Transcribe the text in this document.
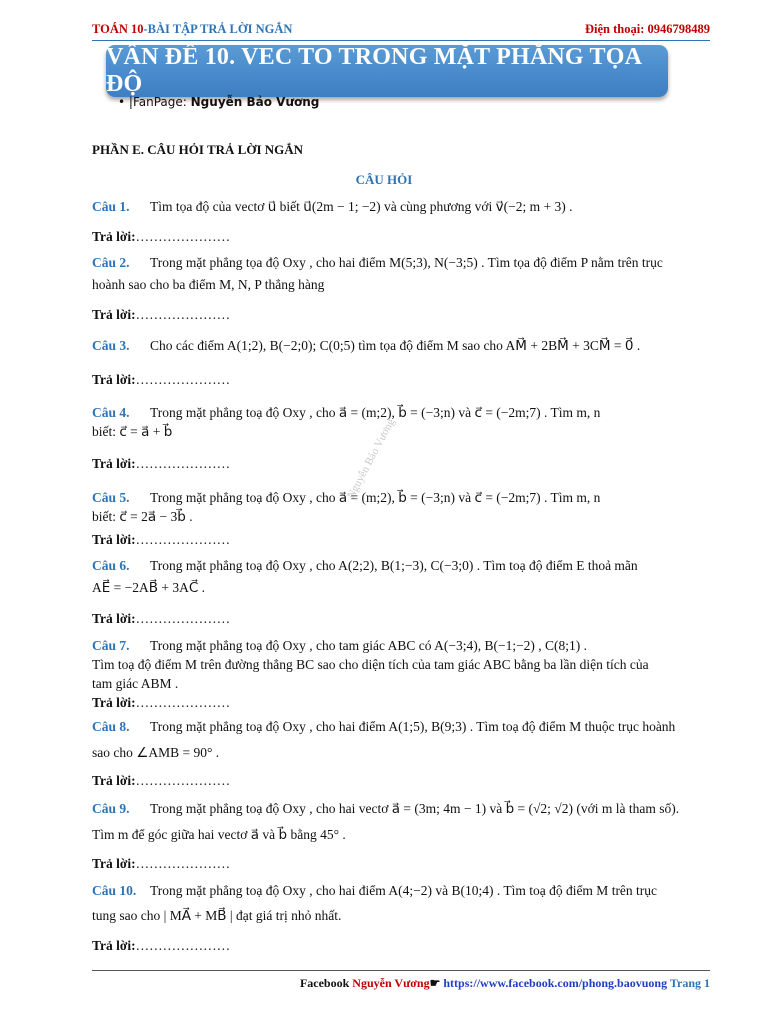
TOÁN 10-BÀI TẬP TRẢ LỜI NGẮN	Điện thoại: 0946798489
VẤN ĐỀ 10. VEC TO TRONG MẶT PHẲNG TỌA ĐỘ
• |FanPage: Nguyễn Bảo Vương
PHẦN E. CÂU HỎI TRẢ LỜI NGẮN
CÂU HỎI
Nguyễn Bảo Vương
Câu 1. Tìm tọa độ của vectơ u⃗ biết u⃗(2m − 1; −2) và cùng phương với v⃗(−2; m + 3) .
Trả lời:…………………
Câu 2. Trong mặt phẳng tọa độ Oxy , cho hai điểm M(5;3), N(−3;5) . Tìm tọa độ điểm P nằm trên trục
hoành sao cho ba điểm M, N, P thẳng hàng
Trả lời:…………………
Câu 3. Cho các điểm A(1;2), B(−2;0); C(0;5) tìm tọa độ điểm M sao cho AM⃗ + 2BM⃗ + 3CM⃗ = 0⃗ .
Trả lời:…………………
Câu 4. Trong mặt phẳng toạ độ Oxy , cho a⃗ = (m;2), b⃗ = (−3;n) và c⃗ = (−2m;7) . Tìm m, n
biết: c⃗ = a⃗ + b⃗
Trả lời:…………………
Câu 5. Trong mặt phẳng toạ độ Oxy , cho a⃗ = (m;2), b⃗ = (−3;n) và c⃗ = (−2m;7) . Tìm m, n
biết: c⃗ = 2a⃗ − 3b⃗ .
Trả lời:…………………
Câu 6. Trong mặt phẳng toạ độ Oxy , cho A(2;2), B(1;−3), C(−3;0) . Tìm toạ độ điểm E thoả mãn
AE⃗ = −2AB⃗ + 3AC⃗ .
Trả lời:…………………
Câu 7. Trong mặt phẳng toạ độ Oxy , cho tam giác ABC có A(−3;4), B(−1;−2) , C(8;1) .
Tìm toạ độ điểm M trên đường thẳng BC sao cho diện tích của tam giác ABC bằng ba lần diện tích của
tam giác ABM .
Trả lời:…………………
Câu 8. Trong mặt phẳng toạ độ Oxy , cho hai điểm A(1;5), B(9;3) . Tìm toạ độ điểm M thuộc trục hoành
sao cho ∠AMB = 90° .
Trả lời:…………………
Câu 9. Trong mặt phẳng toạ độ Oxy , cho hai vectơ a⃗ = (3m; 4m − 1) và b⃗ = (√2; √2) (với m là tham số).
Tìm m để góc giữa hai vectơ a⃗ và b⃗ bằng 45° .
Trả lời:…………………
Câu 10. Trong mặt phẳng toạ độ Oxy , cho hai điểm A(4;−2) và B(10;4) . Tìm toạ độ điểm M trên trục
tung sao cho | MA⃗ + MB⃗ | đạt giá trị nhỏ nhất.
Trả lời:…………………
Facebook Nguyễn Vương☛ https://www.facebook.com/phong.baovuong Trang 1
